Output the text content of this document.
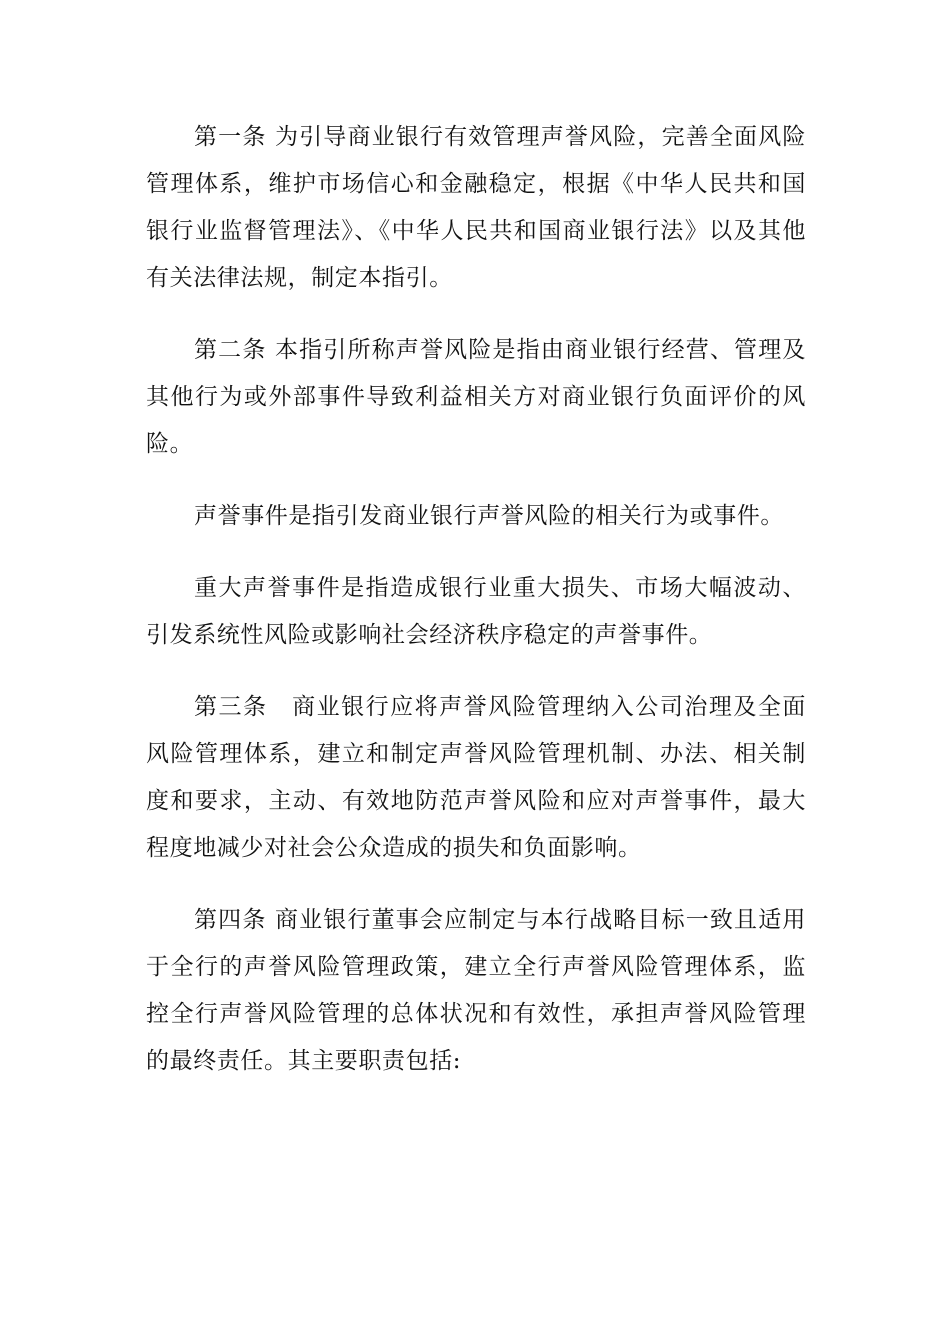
第一条 为引导商业银行有效管理声誉风险，完善全面风险管理体系，维护市场信心和金融稳定，根据《中华人民共和国银行业监督管理法》、《中华人民共和国商业银行法》以及其他有关法律法规，制定本指引。

第二条 本指引所称声誉风险是指由商业银行经营、管理及其他行为或外部事件导致利益相关方对商业银行负面评价的风险。

声誉事件是指引发商业银行声誉风险的相关行为或事件。

重大声誉事件是指造成银行业重大损失、市场大幅波动、引发系统性风险或影响社会经济秩序稳定的声誉事件。

第三条　商业银行应将声誉风险管理纳入公司治理及全面风险管理体系，建立和制定声誉风险管理机制、办法、相关制度和要求，主动、有效地防范声誉风险和应对声誉事件，最大程度地减少对社会公众造成的损失和负面影响。

第四条 商业银行董事会应制定与本行战略目标一致且适用于全行的声誉风险管理政策，建立全行声誉风险管理体系，监控全行声誉风险管理的总体状况和有效性，承担声誉风险管理的最终责任。其主要职责包括:
